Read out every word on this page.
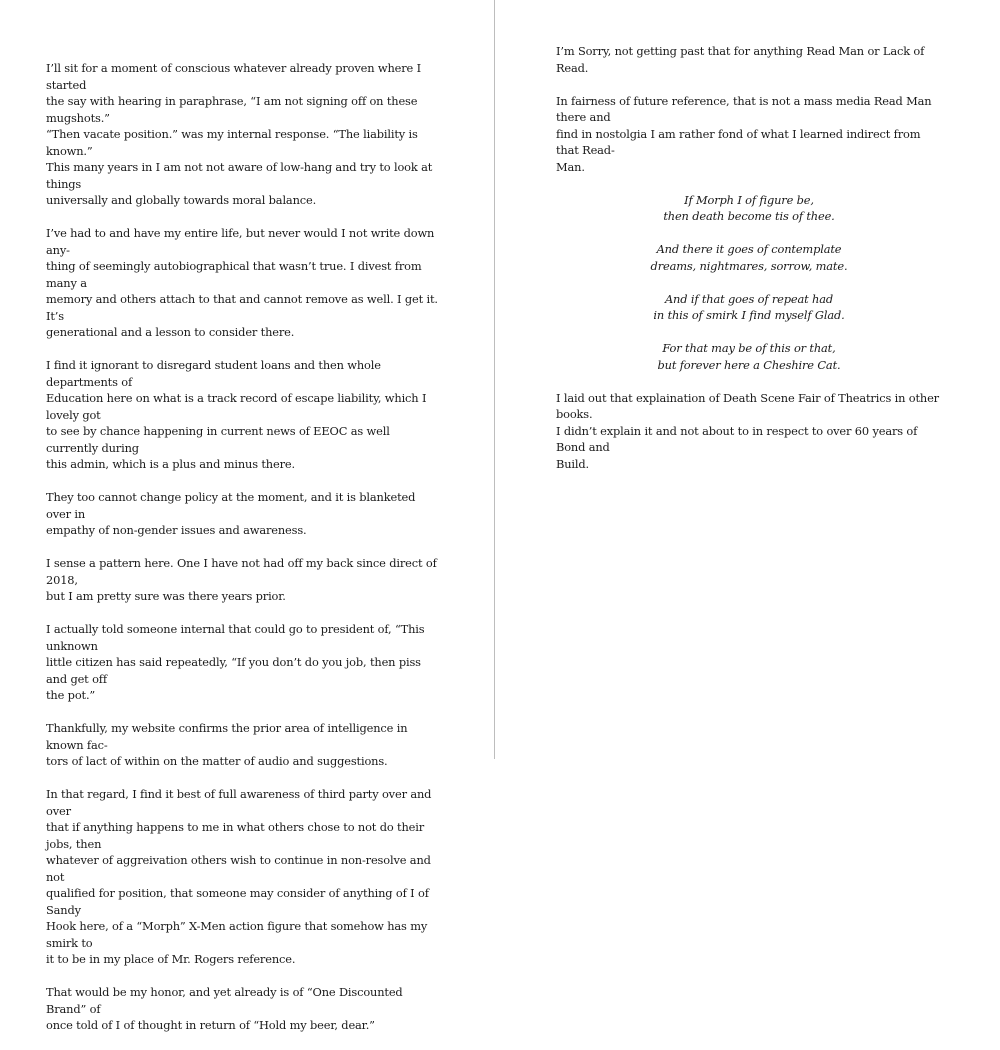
I’ll sit for a moment of conscious whatever already proven where I started
the say with hearing in paraphrase, “I am not signing off on these mugshots.”
“Then vacate position.” was my internal response. “The liability is known.”
This many years in I am not not aware of low-hang and try to look at things
universally and globally towards moral balance.

I’ve had to and have my entire life, but never would I not write down any-
thing of seemingly autobiographical that wasn’t true. I divest from many a
memory and others attach to that and cannot remove as well. I get it. It’s
generational and a lesson to consider there.

I find it ignorant to disregard student loans and then whole departments of
Education here on what is a track record of escape liability, which I lovely got
to see by chance happening in current news of EEOC as well currently during
this admin, which is a plus and minus there.

They too cannot change policy at the moment, and it is blanketed over in
empathy of non-gender issues and awareness.

I sense a pattern here. One I have not had off my back since direct of 2018,
but I am pretty sure was there years prior.

I actually told someone internal that could go to president of, “This unknown
little citizen has said repeatedly, “If you don’t do you job, then piss and get off
the pot.”

Thankfully, my website confirms the prior area of intelligence in known fac-
tors of lact of within on the matter of audio and suggestions.

In that regard, I find it best of full awareness of third party over and over
that if anything happens to me in what others chose to not do their jobs, then
whatever of aggreivation others wish to continue in non-resolve and not
qualified for position, that someone may consider of anything of I of Sandy
Hook here, of a “Morph” X-Men action figure that somehow has my smirk to
it to be in my place of Mr. Rogers reference.

That would be my honor, and yet already is of “One Discounted Brand” of
once told of I of thought in return of “Hold my beer, dear.”

I’m Sorry, not getting past that for anything Read Man or Lack of Read.

In fairness of future reference, that is not a mass media Read Man there and
find in nostolgia I am rather fond of what I learned indirect from that Read-
Man.

If Morph I of figure be,
then death become tis of thee.

And there it goes of contemplate
dreams, nightmares, sorrow, mate.

And if that goes of repeat had
in this of smirk I find myself Glad.

For that may be of this or that,
but forever here a Cheshire Cat.

I laid out that explaination of Death Scene Fair of Theatrics in other books.
I didn’t explain it and not about to in respect to over 60 years of Bond and
Build.
